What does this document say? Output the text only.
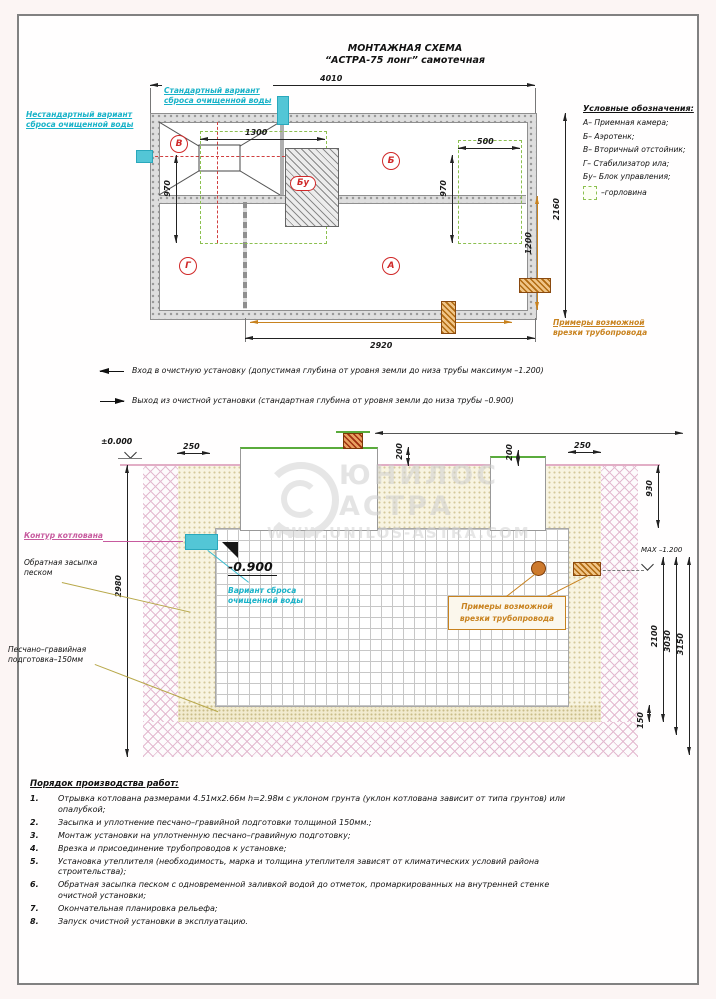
МОНТАЖНАЯ СХЕМА
“АСТРА-75 лонг” самотечная
4010
Бу
В
Б
Г	А
Стандартный вариант
сброса очищенной воды
Нестандартный вариант
сброса очищенной воды
1300
500
970	970
1200
2160
2920
Примеры возможной
врезки трубопровода
Условные обозначения:
А– Приемная камера;
Б– Аэротенк;
В– Вторичный отстойник;
Г– Стабилизатор ила;
Бу– Блок управления;
–горловина
Вход в очистную установку (допустимая глубина от уровня земли до низа трубы максимум –1.200)
Выход из очистной установки (стандартная глубина от уровня земли до низа трубы –0.900)
ЮНИЛОС
АСТРА
WWW.UNILOS-ASTRA.COM
±0.000
-0.900
Вариант сброса
очищенной воды
МАХ –1.200
250	200	200	250
2980
930
2100 3030 3150
150
Примеры возможной
врезки трубопровода
Контур котлована
Обратная засыпка
песком
Песчано–гравийная
подготовка–150мм
Порядок производства работ:
1.	Отрывка котлована размерами 4.51мх2.66м h=2.98м с уклоном грунта (уклон котлована зависит от типа грунтов) или опалубкой;
2.	Засыпка и уплотнение песчано–гравийной подготовки толщиной 150мм.;
3.	Монтаж установки на уплотненную песчано–гравийную подготовку;
4.	Врезка и присоединение трубопроводов к установке;
5.	Установка утеплителя (необходимость, марка и толщина утеплителя зависят от климатических условий района строительства);
6.	Обратная засыпка песком с одновременной заливкой водой до отметок, промаркированных на внутренней стенке очистной установки;
7.	Окончательная планировка рельефа;
8.	Запуск очистной установки в эксплуатацию.
